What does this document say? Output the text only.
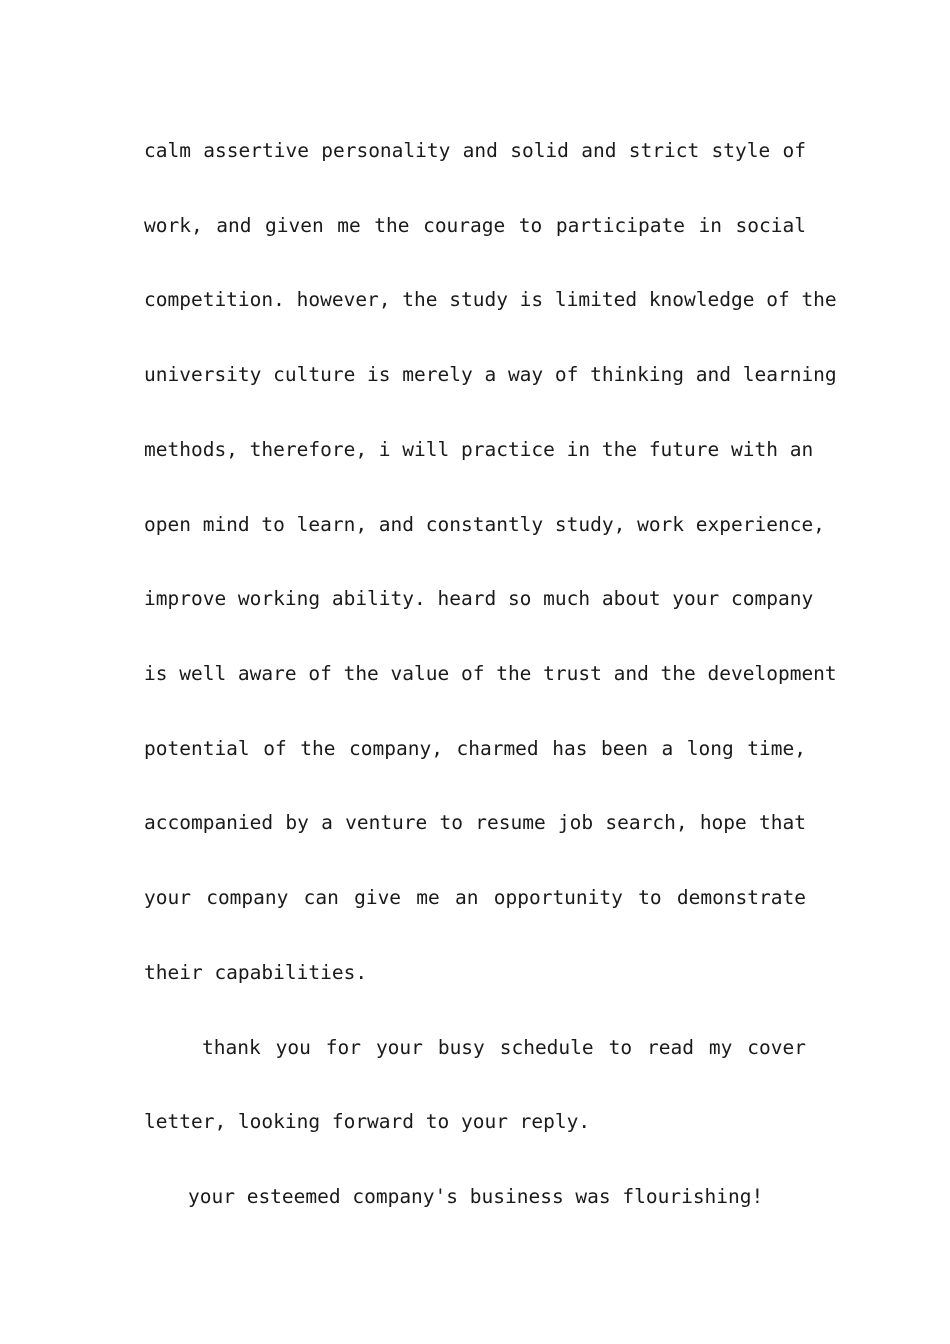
calm assertive personality and solid and strict style of

work, and given me the courage to participate in social

competition. however, the study is limited knowledge of the

university culture is merely a way of thinking and learning

methods, therefore, i will practice in the future with an

open mind to learn, and constantly study, work experience,

improve working ability. heard so much about your company

is well aware of the value of the trust and the development

potential of the company, charmed has been a long time,

accompanied by a venture to resume job search, hope that

your company can give me an opportunity to demonstrate

their capabilities.

thank you for your busy schedule to read my cover

letter, looking forward to your reply.

your esteemed company's business was flourishing!
